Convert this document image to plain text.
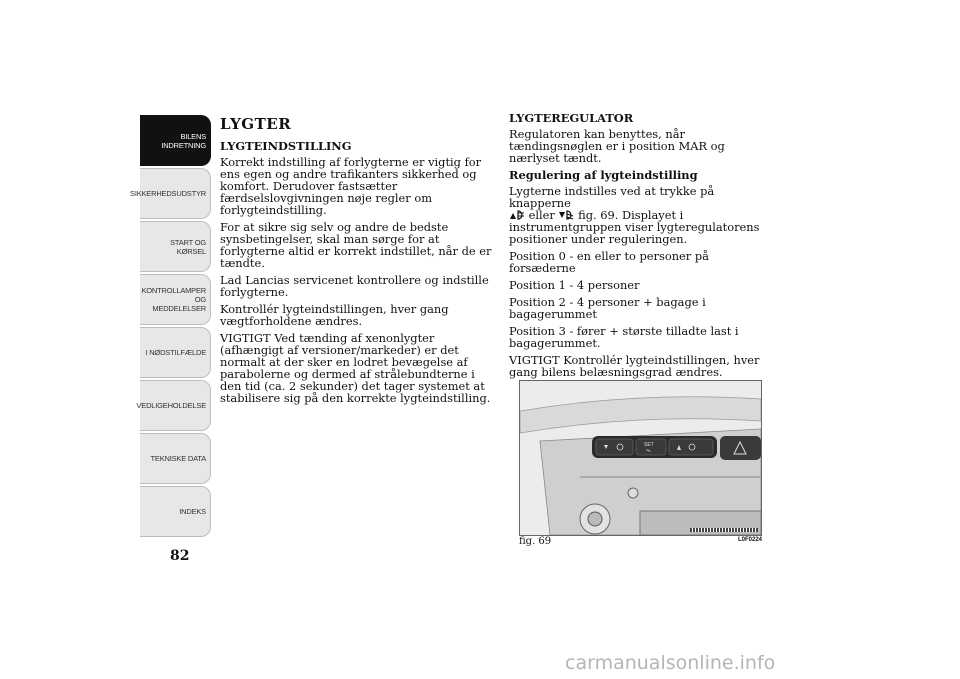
BILENS INDRETNING
SIKKERHEDSUDSTYR
START OG KØRSEL
KONTROLLAMPER OG MEDDELELSER
I NØDSTILFÆLDE
VEDLIGEHOLDELSE
TEKNISKE DATA
INDEKS
82
LYGTER
LYGTEINDSTILLING

Korrekt indstilling af forlygterne er vigtig for ens egen og andre trafikanters sikkerhed og komfort. Derudover fastsætter færdselslovgivningen nøje regler om forlygteindstilling.

For at sikre sig selv og andre de bedste synsbetingelser, skal man sørge for at forlygterne altid er korrekt indstillet, når de er tændte.

Lad Lancias servicenet kontrollere og indstille forlygterne.

Kontrollér lygteindstillingen, hver gang vægtforholdene ændres.

VIGTIGT Ved tænding af xenonlygter (afhængigt af versioner/markeder) er det normalt at der sker en lodret bevægelse af parabolerne og dermed af strålebundterne i den tid (ca. 2 sekunder) det tager systemet at stabilisere sig på den korrekte lygteindstilling.

LYGTEREGULATOR

Regulatoren kan benyttes, når tændingsnøglen er i position MAR og nærlyset tændt.

Regulering af lygteindstilling

Lygterne indstilles ved at trykke på knapperne
eller fig. 69. Displayet i instrumentgruppen viser lygteregulatorens positioner under reguleringen.

Position 0 - en eller to personer på forsæderne

Position 1 - 4 personer

Position 2 - 4 personer + bagage i bagagerummet

Position 3 - fører + største tilladte last i bagagerummet.

VIGTIGT Kontrollér lygteindstillingen, hver gang bilens belæsningsgrad ændres.

SET
fig. 69	L0F0224
carmanualsonline.info
